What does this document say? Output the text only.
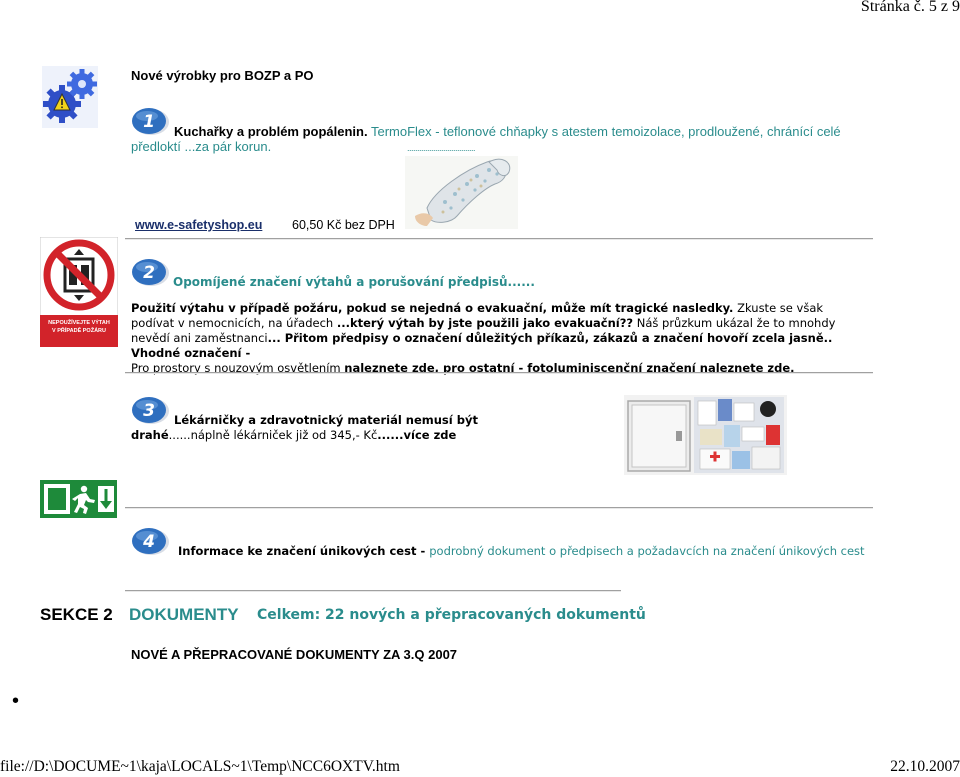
Stránka č. 5 z 9
Nové výrobky pro BOZP a PO
1	Kuchařky a problém popálenin. TermoFlex - teflonové chňapky s atestem temoizolace, prodloužené, chránící celé předloktí ...za pár korun.	..................................
www.e-safetyshop.eu 60,50 Kč bez DPH
NEPOUŽÍVEJTE VÝTAH
V PŘÍPADĚ POŽÁRU
2 Opomíjené značení výtahů a porušování předpisů......
Použití výtahu v případě požáru, pokud se nejedná o evakuační, může mít tragické nasledky. Zkuste se však podívat v nemocnicích, na úřadech ...který výtah by jste použili jako evakuační?? Náš průzkum ukázal že to mnohdy nevědí ani zaměstnanci... Přitom předpisy o označení důležitých příkazů, zákazů a značení hovoří zcela jasně.. Vhodné označení -
Pro prostory s nouzovým osvětlením naleznete zde, pro ostatní - fotoluminiscenční značení naleznete zde.
3	Lékárničky a zdravotnický materiál nemusí být drahé......náplně lékárniček již od 345,- Kč......více zde
4 Informace ke značení únikových cest - podrobný dokument o předpisech a požadavcích na značení únikových cest
SEKCE 2 DOKUMENTY Celkem: 22 nových a přepracovaných dokumentů
NOVÉ A PŘEPRACOVANÉ DOKUMENTY ZA 3.Q 2007
•
file://D:\DOCUME~1\kaja\LOCALS~1\Temp\NCC6OXTV.htm	22.10.2007
